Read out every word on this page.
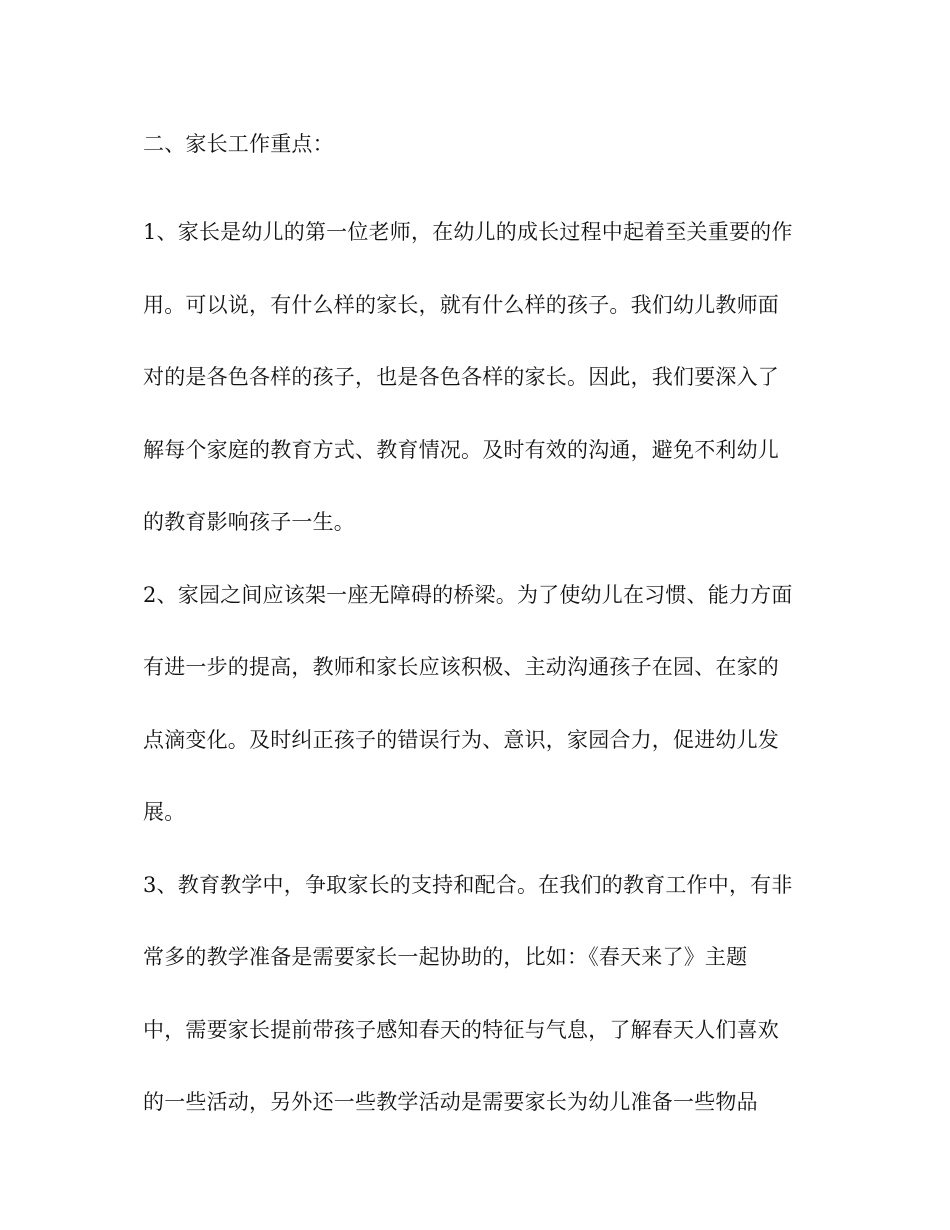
二、家长工作重点：
1、家长是幼儿的第一位老师，在幼儿的成长过程中起着至关重要的作
用。可以说，有什么样的家长，就有什么样的孩子。我们幼儿教师面
对的是各色各样的孩子，也是各色各样的家长。因此，我们要深入了
解每个家庭的教育方式、教育情况。及时有效的沟通，避免不利幼儿
的教育影响孩子一生。
2、家园之间应该架一座无障碍的桥梁。为了使幼儿在习惯、能力方面
有进一步的提高，教师和家长应该积极、主动沟通孩子在园、在家的
点滴变化。及时纠正孩子的错误行为、意识，家园合力，促进幼儿发
展。
3、教育教学中，争取家长的支持和配合。在我们的教育工作中，有非
常多的教学准备是需要家长一起协助的，比如：《春天来了》主题
中，需要家长提前带孩子感知春天的特征与气息，了解春天人们喜欢
的一些活动，另外还一些教学活动是需要家长为幼儿准备一些物品
